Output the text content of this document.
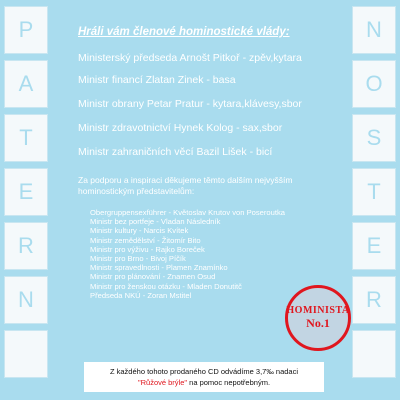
P
A
T
E
R
N
N
O
S
T
E
R
Hráli vám členové hominostické vlády:
Ministerský předseda Arnošt Pitkoř - zpěv,kytara
Ministr financí Zlatan Zinek - basa
Ministr obrany Petar Pratur - kytara,klávesy,sbor
Ministr zdravotnictví Hynek Kolog - sax,sbor
Ministr zahraničních věcí Bazil Lišek - bicí
Za podporu a inspiraci děkujeme těmto dalším nejvyšším hominostickým představitelům:
Obergruppensexführer - Květoslav Krutov von Poseroutka
Ministr bez portfeje - Vladan Následník
Ministr kultury - Narcis Kvítek
Ministr zemědělství - Žitomír Bito
Ministr pro výživu - Rajko Boreček
Ministr pro Brno - Bivoj Píčík
Ministr spravedlnosti - Plamen Znamínko
Ministr pro plánování - Znamen Osud
Ministr pro ženskou otázku - Mladen Donutitč
Předseda NKÚ - Zoran Mstitel
HOMINISTA
No.1
Z každého tohoto prodaného CD odvádíme 3,7‰ nadaci
"Růžové brýle" na pomoc nepotřebným.
